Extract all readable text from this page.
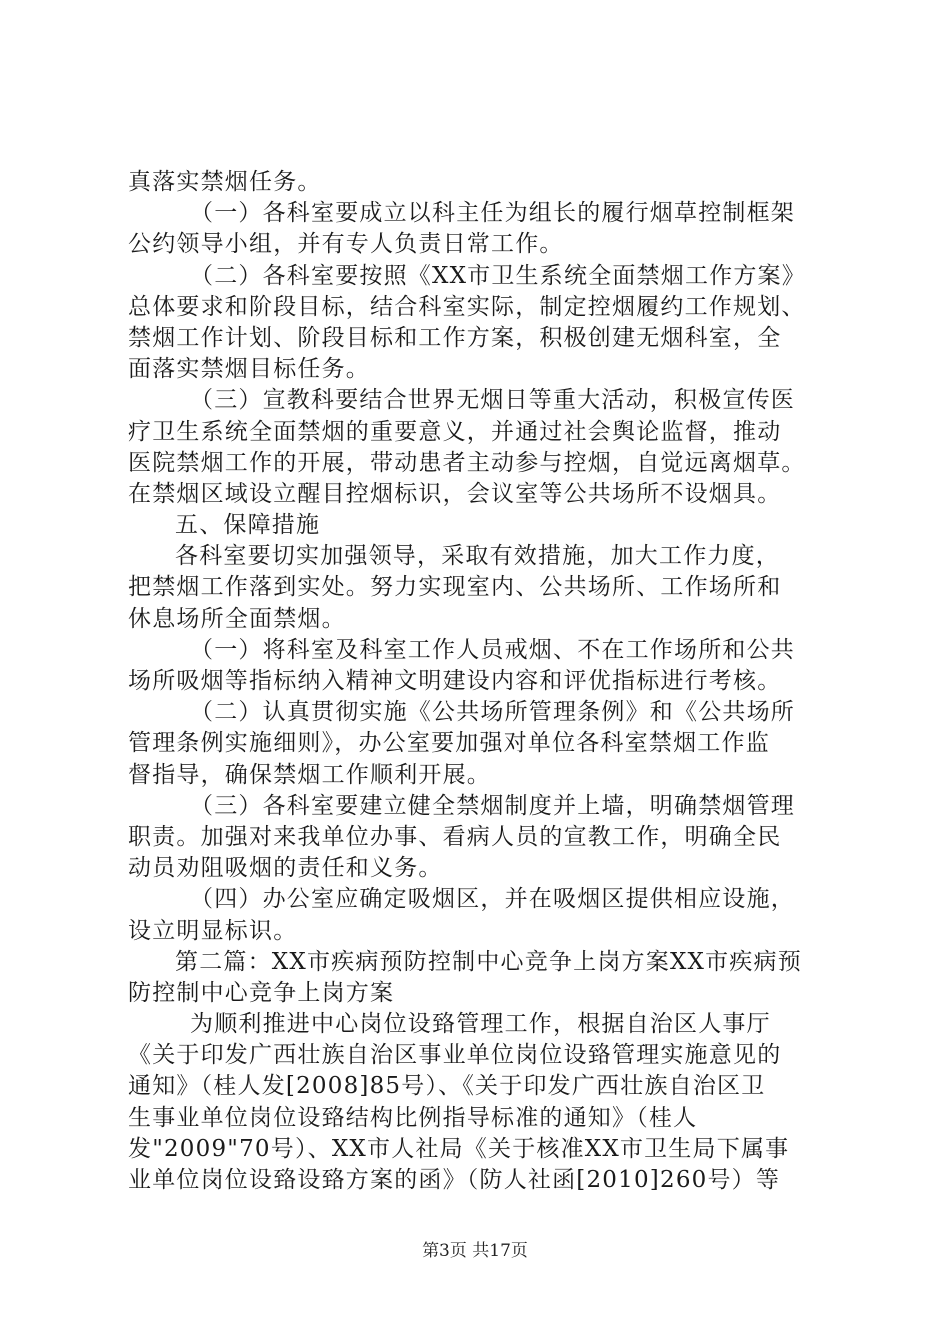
真落实禁烟任务。
（一）各科室要成立以科主任为组长的履行烟草控制框架
公约领导小组，并有专人负责日常工作。
（二）各科室要按照《XX市卫生系统全面禁烟工作方案》
总体要求和阶段目标，结合科室实际，制定控烟履约工作规划、
禁烟工作计划、阶段目标和工作方案，积极创建无烟科室，全
面落实禁烟目标任务。
（三）宣教科要结合世界无烟日等重大活动，积极宣传医
疗卫生系统全面禁烟的重要意义，并通过社会舆论监督，推动
医院禁烟工作的开展，带动患者主动参与控烟，自觉远离烟草。
在禁烟区域设立醒目控烟标识，会议室等公共场所不设烟具。
五、保障措施
各科室要切实加强领导，采取有效措施，加大工作力度，
把禁烟工作落到实处。努力实现室内、公共场所、工作场所和
休息场所全面禁烟。
（一）将科室及科室工作人员戒烟、不在工作场所和公共
场所吸烟等指标纳入精神文明建设内容和评优指标进行考核。
（二）认真贯彻实施《公共场所管理条例》和《公共场所
管理条例实施细则》，办公室要加强对单位各科室禁烟工作监
督指导，确保禁烟工作顺利开展。
（三）各科室要建立健全禁烟制度并上墙，明确禁烟管理
职责。加强对来我单位办事、看病人员的宣教工作，明确全民
动员劝阻吸烟的责任和义务。
（四）办公室应确定吸烟区，并在吸烟区提供相应设施，
设立明显标识。
第二篇：XX市疾病预防控制中心竞争上岗方案XX市疾病预
防控制中心竞争上岗方案
为顺利推进中心岗位设臵管理工作，根据自治区人事厅
《关于印发广西壮族自治区事业单位岗位设臵管理实施意见的
通知》（桂人发[2008]85号）、《关于印发广西壮族自治区卫
生事业单位岗位设臵结构比例指导标准的通知》（桂人
发"2009"70号）、XX市人社局《关于核准XX市卫生局下属事
业单位岗位设臵设臵方案的函》（防人社函[2010]260号）等
第3页 共17页
